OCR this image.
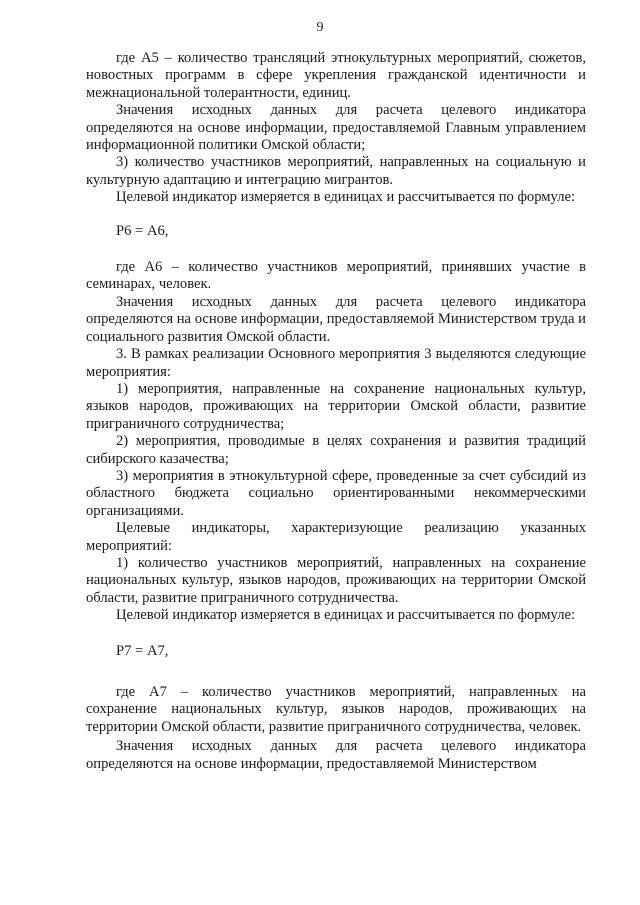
9

где А5 – количество трансляций этнокультурных мероприятий, сюжетов, новостных программ в сфере укрепления гражданской идентичности и межнациональной толерантности, единиц.

Значения исходных данных для расчета целевого индикатора определяются на основе информации, предоставляемой Главным управлением информационной политики Омской области;

3) количество участников мероприятий, направленных на социальную и культурную адаптацию и интеграцию мигрантов.

Целевой индикатор измеряется в единицах и рассчитывается по формуле:

Р6 = А6,

где А6 – количество участников мероприятий, принявших участие в семинарах, человек.

Значения исходных данных для расчета целевого индикатора определяются на основе информации, предоставляемой Министерством труда и социального развития Омской области.

3. В рамках реализации Основного мероприятия 3 выделяются следующие мероприятия:

1) мероприятия, направленные на сохранение национальных культур, языков народов, проживающих на территории Омской области, развитие приграничного сотрудничества;

2) мероприятия, проводимые в целях сохранения и развития традиций сибирского казачества;

3) мероприятия в этнокультурной сфере, проведенные за счет субсидий из областного бюджета социально ориентированными некоммерческими организациями.

Целевые индикаторы, характеризующие реализацию указанных мероприятий:

1) количество участников мероприятий, направленных на сохранение национальных культур, языков народов, проживающих на территории Омской области, развитие приграничного сотрудничества.

Целевой индикатор измеряется в единицах и рассчитывается по формуле:

Р7 = А7,

где А7 – количество участников мероприятий, направленных на сохранение национальных культур, языков народов, проживающих на территории Омской области, развитие приграничного сотрудничества, человек.

Значения исходных данных для расчета целевого индикатора определяются на основе информации, предоставляемой Министерством
